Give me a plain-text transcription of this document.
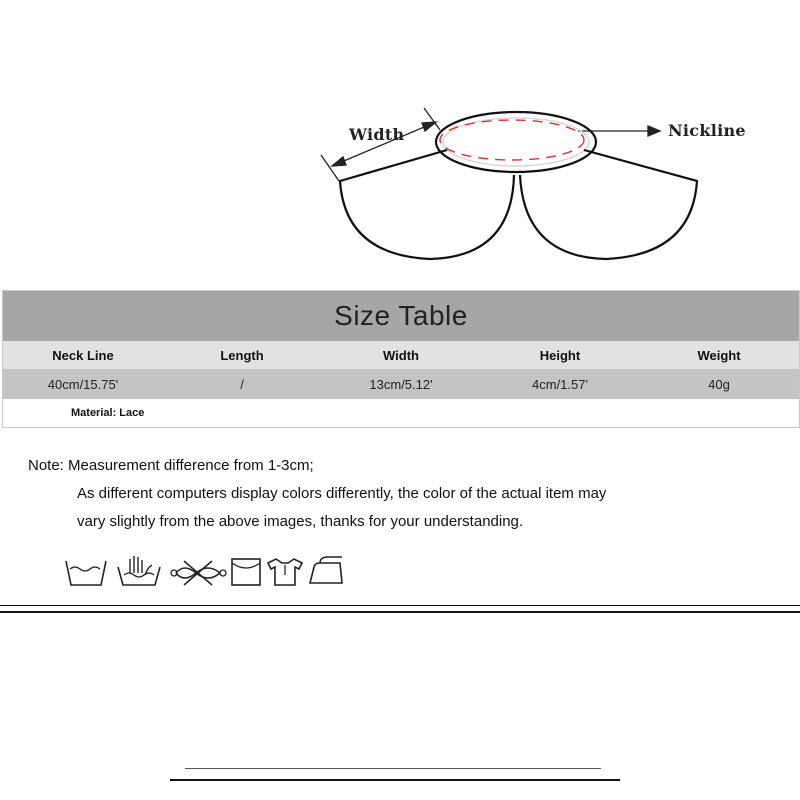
Width	Nickline
Size Table
Neck Line	Length	Width	Height	Weight
40cm/15.75'	/	13cm/5.12'	4cm/1.57'	40g
Material: Lace
Note: Measurement difference from 1-3cm;
As different computers display colors differently, the color of the actual item may
vary slightly from the above images, thanks for your understanding.
